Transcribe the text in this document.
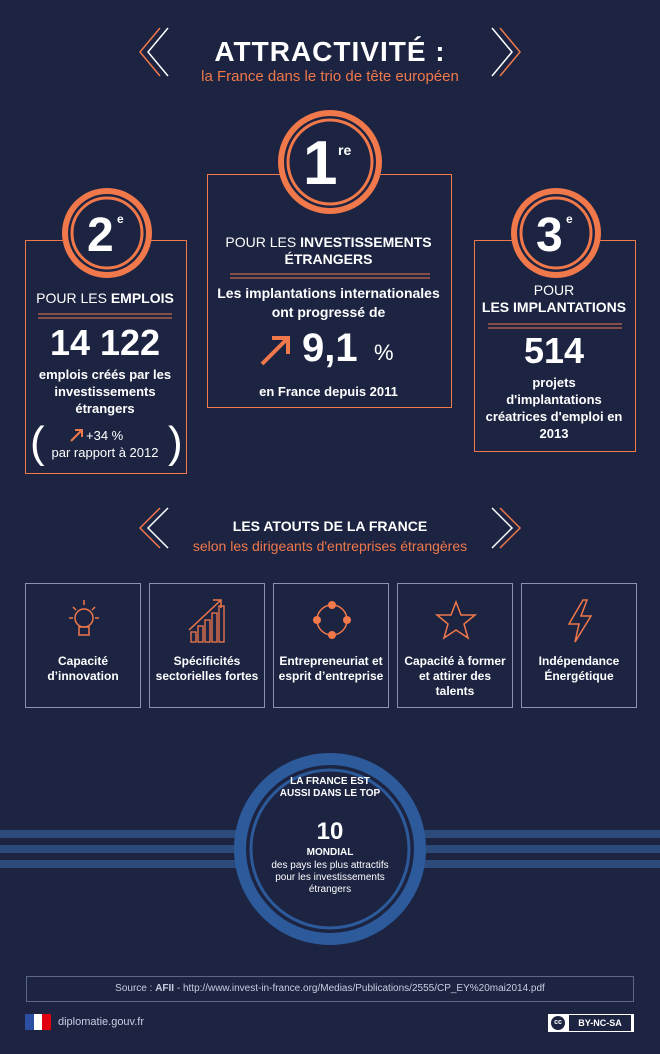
ATTRACTIVITÉ :
la France dans le trio de tête européen
1 re
POUR LES INVESTISSEMENTS ÉTRANGERS
Les implantations internationales ont progressé de
9,1 %
en France depuis 2011
2 e
POUR LES EMPLOIS
14 122
emplois créés par les investissements étrangers
(	)
+34 %
par rapport à 2012
3 e
POUR
LES IMPLANTATIONS
514
projets d'implantations créatrices d'emploi en 2013
LES ATOUTS DE LA FRANCE
selon les dirigeants d'entreprises étrangères
Capacité d’innovation
Spécificités sectorielles fortes
Entrepreneuriat et esprit d’entreprise
Capacité à former et attirer des talents
Indépendance Énergétique
LA FRANCE EST AUSSI DANS LE TOP
10
MONDIAL
des pays les plus attractifs pour les investissements étrangers
Source : AFII - http://www.invest-in-france.org/Medias/Publications/2555/CP_EY%20mai2014.pdf
diplomatie.gouv.fr	cc	BY-NC-SA
